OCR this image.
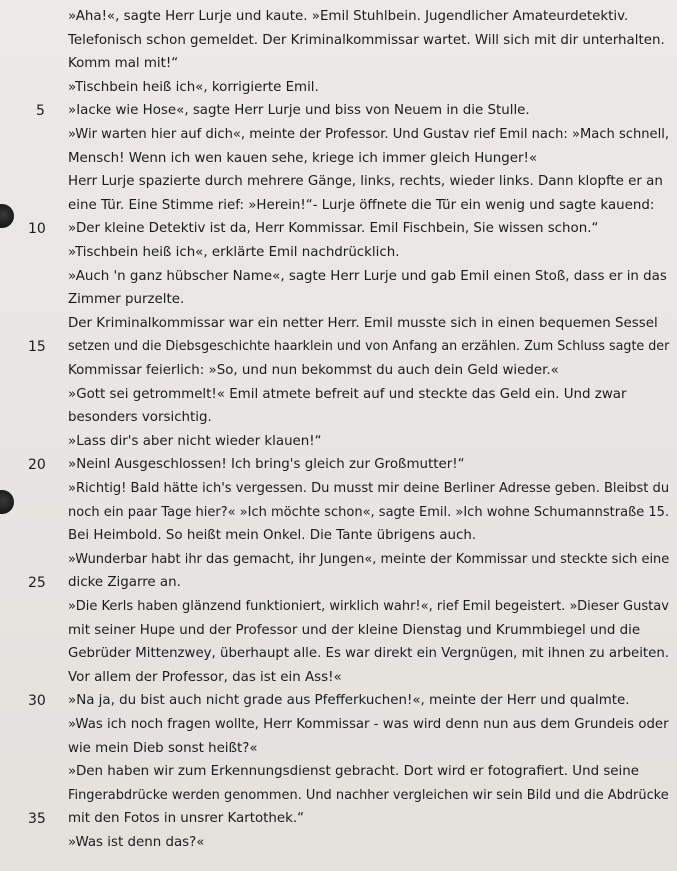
»Aha!«, sagte Herr Lurje und kaute. »Emil Stuhlbein. Jugendlicher Amateurdetektiv.
Telefonisch schon gemeldet. Der Kriminalkommissar wartet. Will sich mit dir unterhalten.
Komm mal mit!“
»Tischbein heiß ich«, korrigierte Emil.
5 »Iacke wie Hose«, sagte Herr Lurje und biss von Neuem in die Stulle.
»Wir warten hier auf dich«, meinte der Professor. Und Gustav rief Emil nach: »Mach schnell,
Mensch! Wenn ich wen kauen sehe, kriege ich immer gleich Hunger!«
Herr Lurje spazierte durch mehrere Gänge, links, rechts, wieder links. Dann klopfte er an
eine Tür. Eine Stimme rief: »Herein!“- Lurje öffnete die Tür ein wenig und sagte kauend:
10 »Der kleine Detektiv ist da, Herr Kommissar. Emil Fischbein, Sie wissen schon.“
»Tischbein heiß ich«, erklärte Emil nachdrücklich.
»Auch 'n ganz hübscher Name«, sagte Herr Lurje und gab Emil einen Stoß, dass er in das
Zimmer purzelte.
Der Kriminalkommissar war ein netter Herr. Emil musste sich in einen bequemen Sessel
15 setzen und die Diebsgeschichte haarklein und von Anfang an erzählen. Zum Schluss sagte der
Kommissar feierlich: »So, und nun bekommst du auch dein Geld wieder.«
»Gott sei getrommelt!« Emil atmete befreit auf und steckte das Geld ein. Und zwar
besonders vorsichtig.
»Lass dir's aber nicht wieder klauen!“
20 »Neinl Ausgeschlossen! Ich bring's gleich zur Großmutter!“
»Richtig! Bald hätte ich's vergessen. Du musst mir deine Berliner Adresse geben. Bleibst du
noch ein paar Tage hier?« »Ich möchte schon«, sagte Emil. »Ich wohne Schumannstraße 15.
Bei Heimbold. So heißt mein Onkel. Die Tante übrigens auch.
»Wunderbar habt ihr das gemacht, ihr Jungen«, meinte der Kommissar und steckte sich eine
25 dicke Zigarre an.
»Die Kerls haben glänzend funktioniert, wirklich wahr!«, rief Emil begeistert. »Dieser Gustav
mit seiner Hupe und der Professor und der kleine Dienstag und Krummbiegel und die
Gebrüder Mittenzwey, überhaupt alle. Es war direkt ein Vergnügen, mit ihnen zu arbeiten.
Vor allem der Professor, das ist ein Ass!«
30 »Na ja, du bist auch nicht grade aus Pfefferkuchen!«, meinte der Herr und qualmte.
»Was ich noch fragen wollte, Herr Kommissar - was wird denn nun aus dem Grundeis oder
wie mein Dieb sonst heißt?«
»Den haben wir zum Erkennungsdienst gebracht. Dort wird er fotografiert. Und seine
Fingerabdrücke werden genommen. Und nachher vergleichen wir sein Bild und die Abdrücke
35 mit den Fotos in unsrer Kartothek.“
»Was ist denn das?«
